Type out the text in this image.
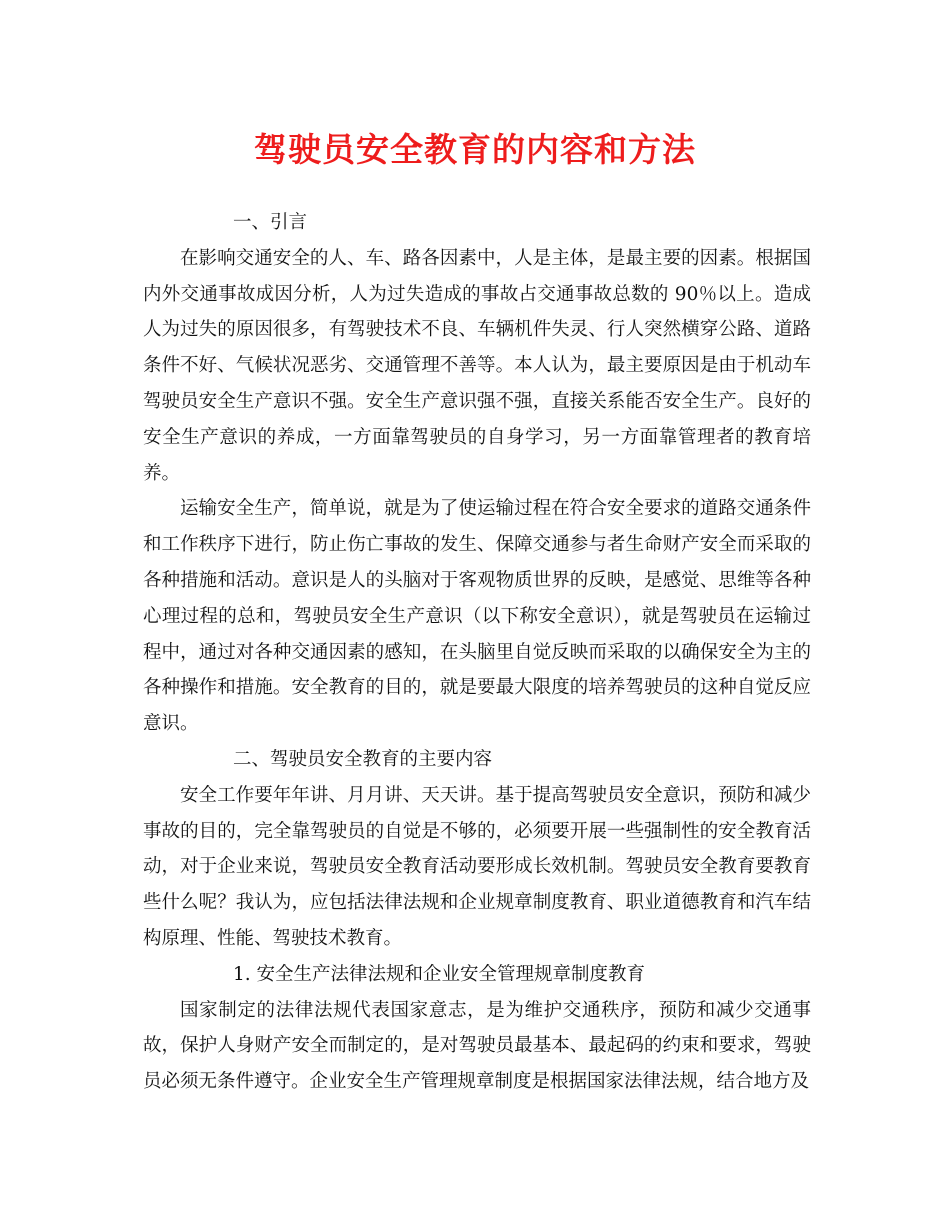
驾驶员安全教育的内容和方法

一、引言

在影响交通安全的人、车、路各因素中，人是主体，是最主要的因素。根据国内外交通事故成因分析，人为过失造成的事故占交通事故总数的 90％以上。造成人为过失的原因很多，有驾驶技术不良、车辆机件失灵、行人突然横穿公路、道路条件不好、气候状况恶劣、交通管理不善等。本人认为，最主要原因是由于机动车驾驶员安全生产意识不强。安全生产意识强不强，直接关系能否安全生产。良好的安全生产意识的养成，一方面靠驾驶员的自身学习，另一方面靠管理者的教育培养。

运输安全生产，简单说，就是为了使运输过程在符合安全要求的道路交通条件和工作秩序下进行，防止伤亡事故的发生、保障交通参与者生命财产安全而采取的各种措施和活动。意识是人的头脑对于客观物质世界的反映，是感觉、思维等各种心理过程的总和，驾驶员安全生产意识（以下称安全意识），就是驾驶员在运输过程中，通过对各种交通因素的感知，在头脑里自觉反映而采取的以确保安全为主的各种操作和措施。安全教育的目的，就是要最大限度的培养驾驶员的这种自觉反应意识。

二、驾驶员安全教育的主要内容

安全工作要年年讲、月月讲、天天讲。基于提高驾驶员安全意识，预防和减少事故的目的，完全靠驾驶员的自觉是不够的，必须要开展一些强制性的安全教育活动，对于企业来说，驾驶员安全教育活动要形成长效机制。驾驶员安全教育要教育些什么呢？我认为，应包括法律法规和企业规章制度教育、职业道德教育和汽车结构原理、性能、驾驶技术教育。

1. 安全生产法律法规和企业安全管理规章制度教育

国家制定的法律法规代表国家意志，是为维护交通秩序，预防和减少交通事故，保护人身财产安全而制定的，是对驾驶员最基本、最起码的约束和要求，驾驶员必须无条件遵守。企业安全生产管理规章制度是根据国家法律法规，结合地方及
